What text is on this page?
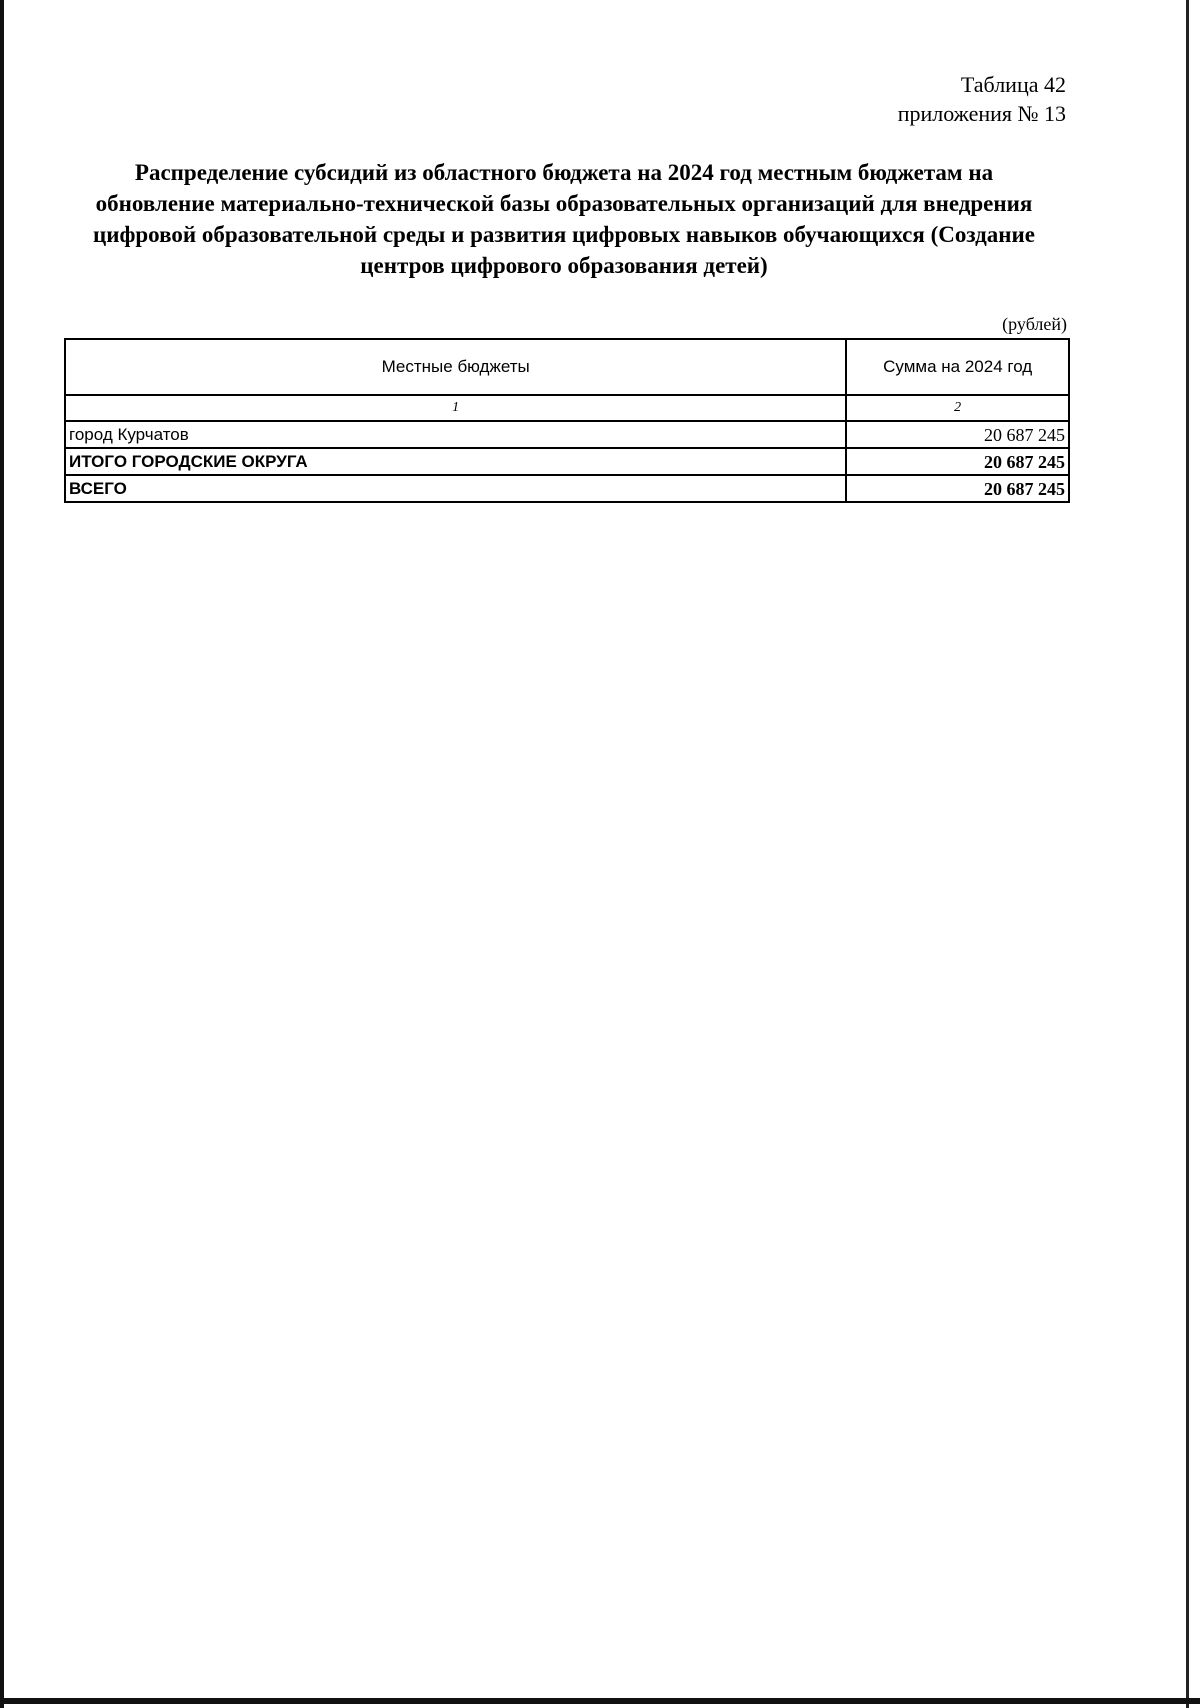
Таблица 42
приложения № 13
Распределение субсидий из областного бюджета на 2024 год местным бюджетам на
обновление материально-технической базы образовательных организаций для внедрения
цифровой образовательной среды и развития цифровых навыков обучающихся (Создание
центров цифрового образования детей)
(рублей)
Местные бюджеты	Сумма на 2024 год
1	2
город Курчатов	20 687 245
ИТОГО ГОРОДСКИЕ ОКРУГА	20 687 245
ВСЕГО	20 687 245
